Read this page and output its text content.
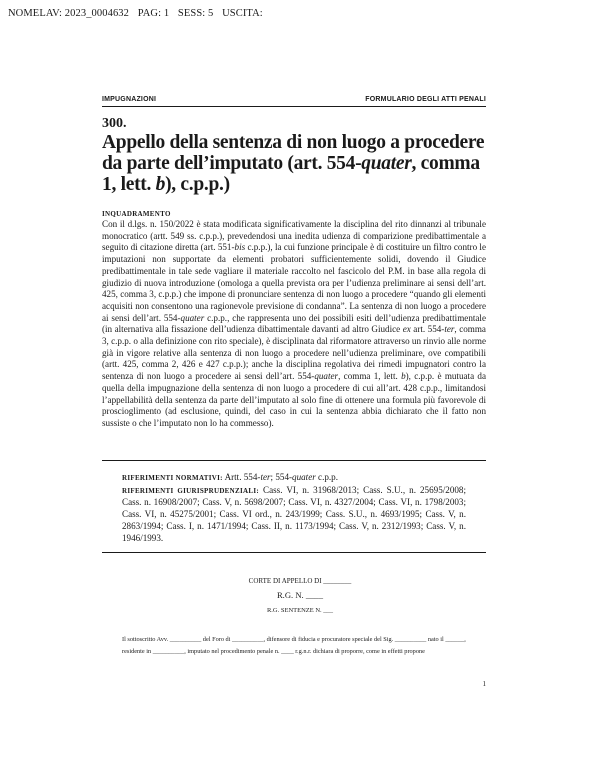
NOMELAV: 2023_0004632 PAG: 1 SESS: 5 USCITA:
IMPUGNAZIONI	FORMULARIO DEGLI ATTI PENALI
300.
Appello della sentenza di non luogo a procedere da parte dell’imputato (art. 554-quater, comma 1, lett. b), c.p.p.)
INQUADRAMENTO

Con il d.lgs. n. 150/2022 è stata modificata significativamente la disciplina del rito dinnanzi al tribunale monocratico (artt. 549 ss. c.p.p.), prevedendosi una inedita udienza di comparizione predibattimentale a seguito di citazione diretta (art. 551-bis c.p.p.), la cui funzione principale è di costituire un filtro contro le imputazioni non supportate da elementi probatori sufficientemente solidi, dovendo il Giudice predibattimentale in tale sede vagliare il materiale raccolto nel fascicolo del P.M. in base alla regola di giudizio di nuova introduzione (omologa a quella prevista ora per l’udienza preliminare ai sensi dell’art. 425, comma 3, c.p.p.) che impone di pronunciare sentenza di non luogo a procedere “quando gli elementi acquisiti non consentono una ragionevole previsione di condanna”. La sentenza di non luogo a procedere ai sensi dell’art. 554-quater c.p.p., che rappresenta uno dei possibili esiti dell’udienza predibattimentale (in alternativa alla fissazione dell’udienza dibattimentale davanti ad altro Giudice ex art. 554-ter, comma 3, c.p.p. o alla definizione con rito speciale), è disciplinata dal riformatore attraverso un rinvio alle norme già in vigore relative alla sentenza di non luogo a procedere nell’udienza preliminare, ove compatibili (artt. 425, comma 2, 426 e 427 c.p.p.); anche la disciplina regolativa dei rimedi impugnatori contro la sentenza di non luogo a procedere ai sensi dell’art. 554-quater, comma 1, lett. b), c.p.p. è mutuata da quella della impugnazione della sentenza di non luogo a procedere di cui all’art. 428 c.p.p., limitandosi l’appellabilità della sentenza da parte dell’imputato al solo fine di ottenere una formula più favorevole di proscioglimento (ad esclusione, quindi, del caso in cui la sentenza abbia dichiarato che il fatto non sussiste o che l’imputato non lo ha commesso).

RIFERIMENTI NORMATIVI: Artt. 554-ter; 554-quater c.p.p.

RIFERIMENTI GIURISPRUDENZIALI: Cass. VI, n. 31968/2013; Cass. S.U., n. 25695/2008; Cass. n. 16908/2007; Cass. V, n. 5698/2007; Cass. VI, n. 4327/2004; Cass. VI, n. 1798/2003; Cass. VI, n. 45275/2001; Cass. VI ord., n. 243/1999; Cass. S.U., n. 4693/1995; Cass. V, n. 2863/1994; Cass. I, n. 1471/1994; Cass. II, n. 1173/1994; Cass. V, n. 2312/1993; Cass. V, n. 1946/1993.

CORTE DI APPELLO DI ________
R.G. N. ____
R.G. SENTENZE N. ___

Il sottoscritto Avv. __________ del Foro di __________, difensore di fiducia e procuratore speciale del Sig. __________ nato il ______, residente in __________, imputato nel procedimento penale n. ____ r.g.n.r. dichiara di proporre, come in effetti propone

1
